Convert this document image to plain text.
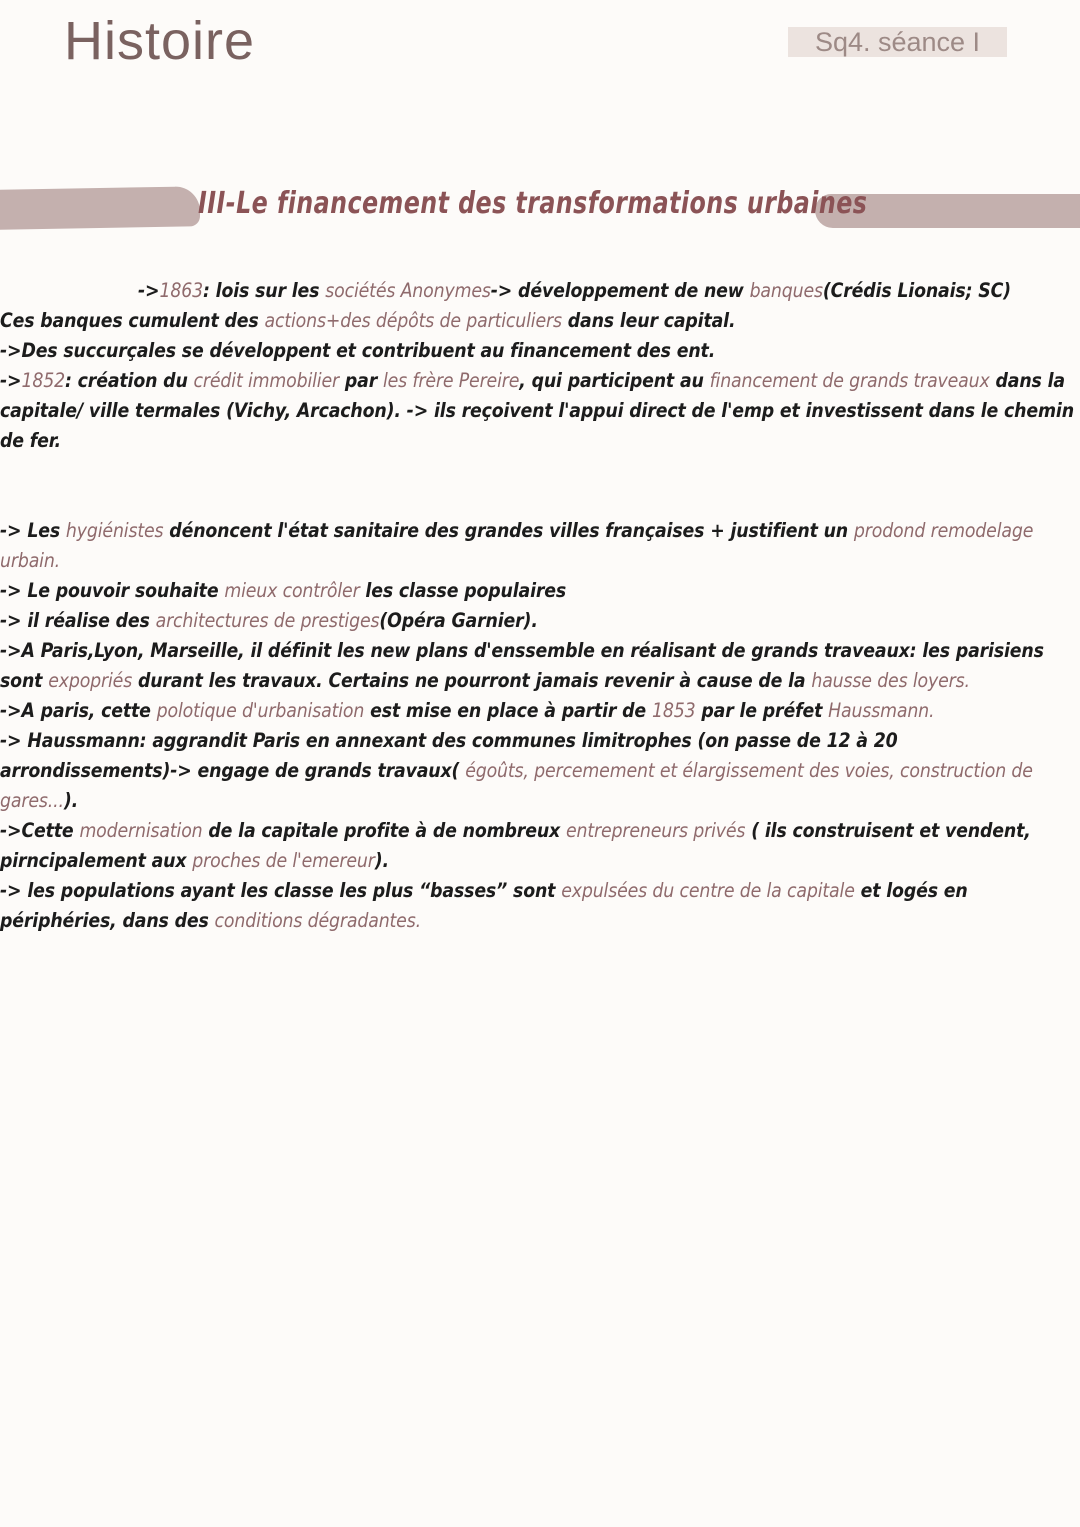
Histoire	Sq4. séance I
III-Le financement des transformations urbaines

->1863: lois sur les sociétés Anonymes-> développement de new banques(Crédis Lionais; SC)

Ces banques cumulent des actions+des dépôts de particuliers dans leur capital.

->Des succurçales se développent et contribuent au financement des ent.

->1852: création du crédit immobilier par les frère Pereire, qui participent au financement de grands traveaux dans la capitale/ ville termales (Vichy, Arcachon). -> ils reçoivent l'appui direct de l'emp et investissent dans le chemin de fer.

-> Les hygiénistes dénoncent l'état sanitaire des grandes villes françaises + justifient un prodond remodelage urbain.

-> Le pouvoir souhaite mieux contrôler les classe populaires

-> il réalise des architectures de prestiges(Opéra Garnier).

->A Paris,Lyon, Marseille, il définit les new plans d'enssemble en réalisant de grands traveaux: les parisiens sont expopriés durant les travaux. Certains ne pourront jamais revenir à cause de la hausse des loyers.

->A paris, cette polotique d'urbanisation est mise en place à partir de 1853 par le préfet Haussmann.

-> Haussmann: aggrandit Paris en annexant des communes limitrophes (on passe de 12 à 20 arrondissements)-> engage de grands travaux( égoûts, percemement et élargissement des voies, construction de gares...).

->Cette modernisation de la capitale profite à de nombreux entrepreneurs privés ( ils construisent et vendent, pirncipalement aux proches de l'emereur).

-> les populations ayant les classe les plus “basses” sont expulsées du centre de la capitale et logés en périphéries, dans des conditions dégradantes.
